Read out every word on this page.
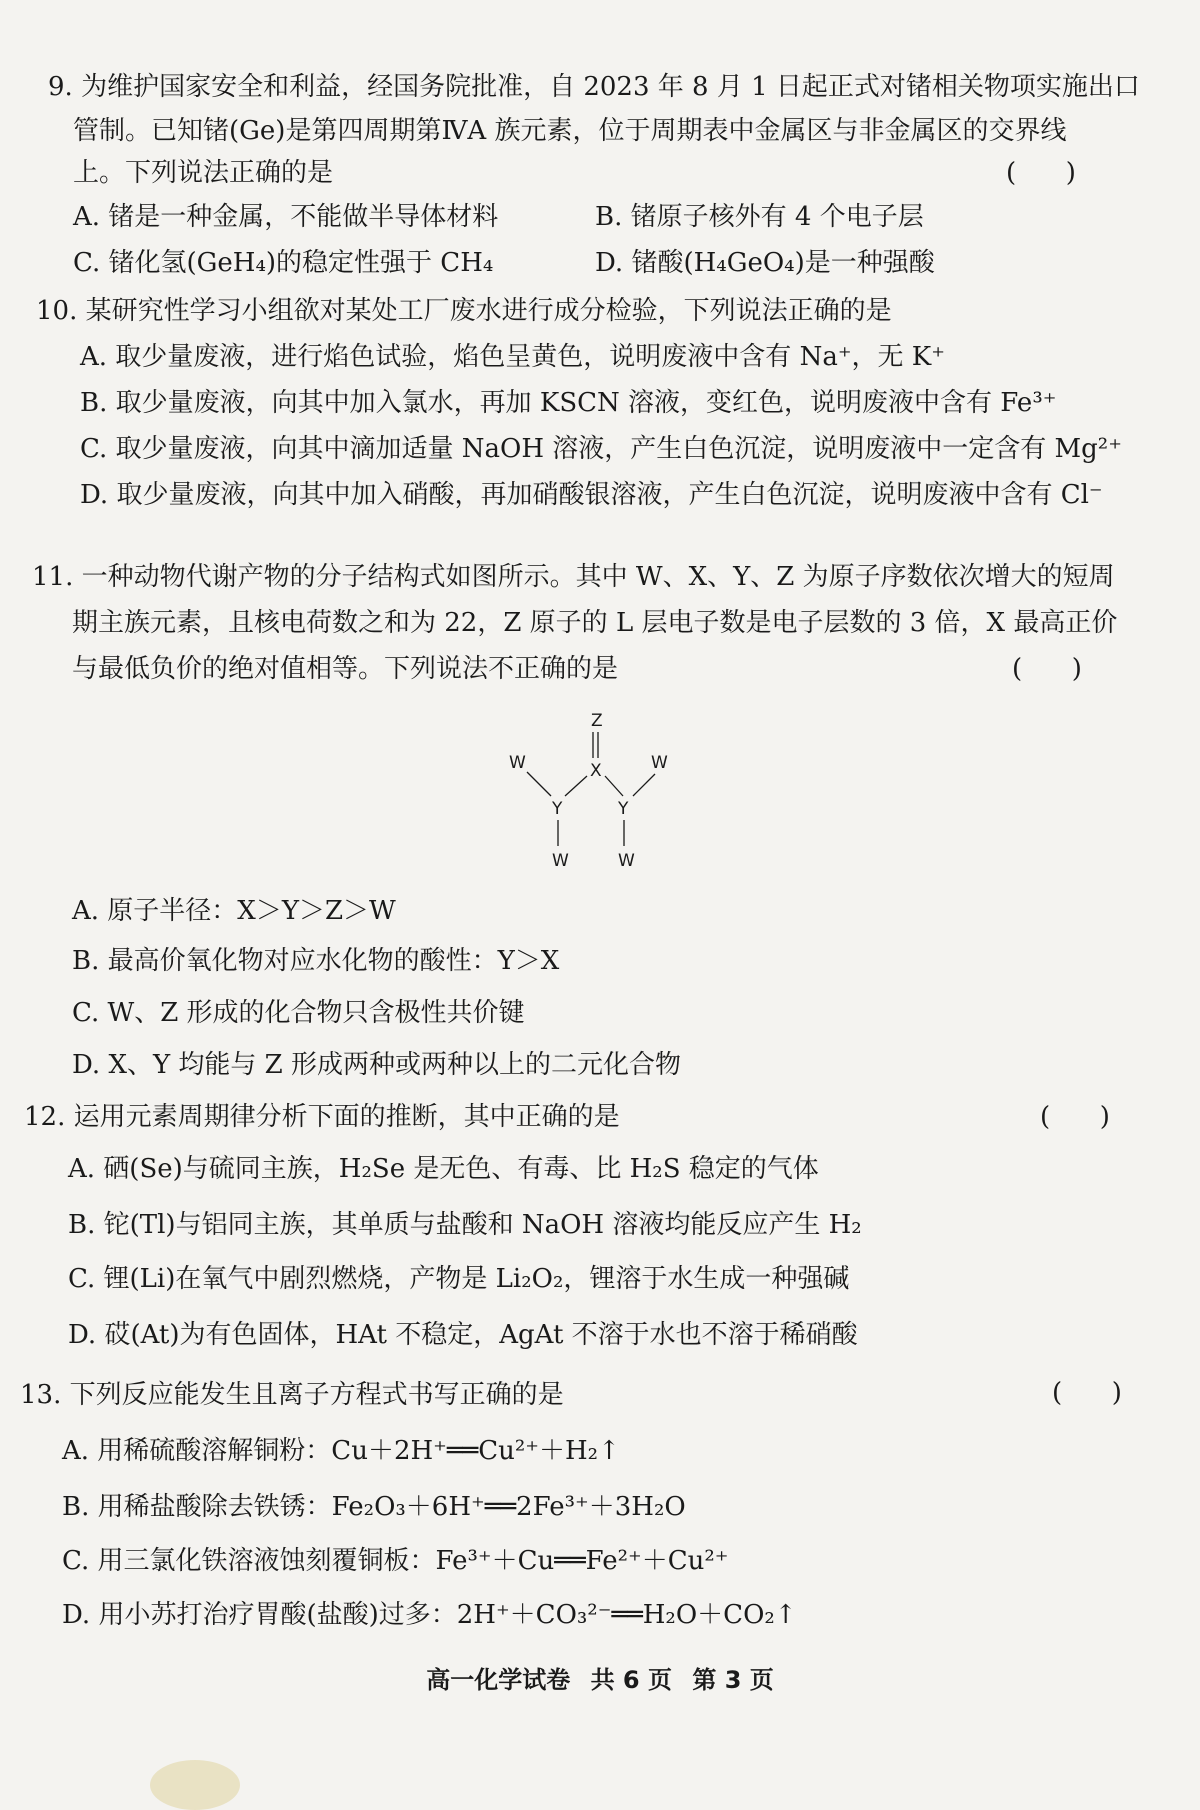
9. 为维护国家安全和利益，经国务院批准，自 2023 年 8 月 1 日起正式对锗相关物项实施出口
管制。已知锗(Ge)是第四周期第ⅣA 族元素，位于周期表中金属区与非金属区的交界线
上。下列说法正确的是	(      )
A. 锗是一种金属，不能做半导体材料	B. 锗原子核外有 4 个电子层
C. 锗化氢(GeH₄)的稳定性强于 CH₄	D. 锗酸(H₄GeO₄)是一种强酸
10. 某研究性学习小组欲对某处工厂废水进行成分检验，下列说法正确的是
A. 取少量废液，进行焰色试验，焰色呈黄色，说明废液中含有 Na⁺，无 K⁺
B. 取少量废液，向其中加入氯水，再加 KSCN 溶液，变红色，说明废液中含有 Fe³⁺
C. 取少量废液，向其中滴加适量 NaOH 溶液，产生白色沉淀，说明废液中一定含有 Mg²⁺
D. 取少量废液，向其中加入硝酸，再加硝酸银溶液，产生白色沉淀，说明废液中含有 Cl⁻
11. 一种动物代谢产物的分子结构式如图所示。其中 W、X、Y、Z 为原子序数依次增大的短周
期主族元素，且核电荷数之和为 22，Z 原子的 L 层电子数是电子层数的 3 倍，X 最高正价
与最低负价的绝对值相等。下列说法不正确的是	(      )
Z
X
W	W
Y	Y
W	W
A. 原子半径：X＞Y＞Z＞W
B. 最高价氧化物对应水化物的酸性：Y＞X
C. W、Z 形成的化合物只含极性共价键
D. X、Y 均能与 Z 形成两种或两种以上的二元化合物
12. 运用元素周期律分析下面的推断，其中正确的是	(      )
A. 硒(Se)与硫同主族，H₂Se 是无色、有毒、比 H₂S 稳定的气体
B. 铊(Tl)与铝同主族，其单质与盐酸和 NaOH 溶液均能反应产生 H₂
C. 锂(Li)在氧气中剧烈燃烧，产物是 Li₂O₂，锂溶于水生成一种强碱
D. 砹(At)为有色固体，HAt 不稳定，AgAt 不溶于水也不溶于稀硝酸
13. 下列反应能发生且离子方程式书写正确的是	(      )
A. 用稀硫酸溶解铜粉：Cu＋2H⁺══Cu²⁺＋H₂↑
B. 用稀盐酸除去铁锈：Fe₂O₃＋6H⁺══2Fe³⁺＋3H₂O
C. 用三氯化铁溶液蚀刻覆铜板：Fe³⁺＋Cu══Fe²⁺＋Cu²⁺
D. 用小苏打治疗胃酸(盐酸)过多：2H⁺＋CO₃²⁻══H₂O＋CO₂↑
高一化学试卷 共 6 页 第 3 页
